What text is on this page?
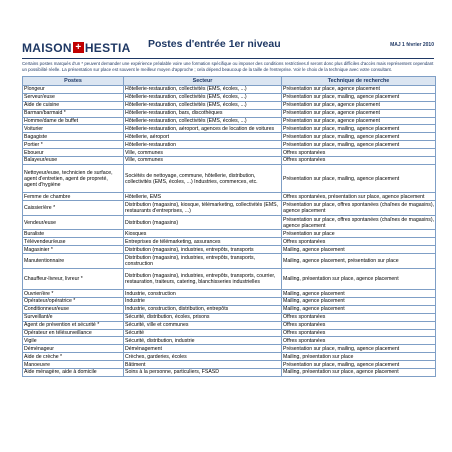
MAISON + HESTIA Postes d'entrée 1er niveau	MAJ 1 février 2010
Certains postes marqués d'un * peuvent demander une expérience préalable voire une formation spécifique ou imposer des conditions restrictives.Il seront donc plus difficiles d'accès mais représentent cependant un possibilité réelle. La présentation sur place est souvent le meilleur moyen d'approche ; cela dépend beaucoup de la taille de l'entreprise. Voir le choix de la technique avec votre consultant.
Postes	Secteur	Technique de recherche
Plongeur	Hôtellerie-restauration, collectivités (EMS, écoles, ...)	Présentation sur place, agence placement
Serveur/euse	Hôtellerie-restauration, collectivités (EMS, écoles, ...)	Présentation sur place, mailing, agence placement
Aide de cuisine	Hôtellerie-restauration, collectivités (EMS, écoles, ...)	Présentation sur place, agence placement
Barman/barmaid *	Hôtellerie-restauration, bars, discothèques	Présentation sur place, agence placement
Homme/dame de buffet	Hôtellerie-restauration, collectivités (EMS, écoles, ...)	Présentation sur place, agence placement
Voiturier	Hôtellerie-restauration, aéroport, agences de location de voitures	Présentation sur place, mailing, agence placement
Bagagiste	Hôtellerie, aéroport	Présentation sur place, mailing, agence placement
Portier *	Hôtellerie-restauration	Présentation sur place, mailing, agence placement
Eboueur	Ville, communes	Offres spontanées
Balayeur/euse	Ville, communes	Offres spontanées
Nettoyeur/euse, technicien de surface, agent d'entretien, agent de propreté, agent d'hygiène	Sociétés de nettoyage, commune, hôtellerie, distribution, collectivités (EMS, écoles, ...) Industries, commerces, etc.	Présentation sur place, mailing, agence placement
Femme de chambre	Hôtellerie, EMS	Offres spontanées, présentation sur place, agence placement
Caissier/ère *	Distribution (magasins), kiosque, télémarketing, collectivités (EMS, restaurants d'entreprises, ...)	Présentation sur place, offres spontanées (chaînes de magasins), agence placement
Vendeur/euse	Distribution (magasins)	Présentation sur place, offres spontanées (chaînes de magasins), agence placement
Buraliste	Kiosques	Présentation sur place
Télévendeur/euse	Entreprises de télémarketing, assurances	Offres spontanées
Magasinier *	Distribution (magasins), industries, entrepôts, transports	Mailing, agence placement
Manutentionnaire	Distribution (magasins), industries, entrepôts, transports, construction	Mailing, agence placement, présentation sur place
Chauffeur-livreur, livreur *	Distribution (magasins), industries, entrepôts, transports, courrier, restauration, traiteurs, catering, blanchisseries industrielles	Mailing, présentation sur place, agence placement
Ouvrier/ère *	Industrie, construction	Mailing, agence placement
Opérateur/opératrice *	Industrie	Mailing, agence placement
Conditionneur/euse	Industrie, construction, distribution, entrepôts	Mailing, agence placement
Surveillant/e	Sécurité, distribution, écoles, prisons	Offres spontanées
Agent de prévention et sécurité *	Sécurité, ville et communes	Offres spontanées
Opérateur en télésurveillance	Sécurité	Offres spontanées
Vigile	Sécurité, distribution, industrie	Offres spontanées
Déménageur	Déménagement	Présentation sur place, mailing, agence placement
Aide de crèche *	Crèches, garderies, écoles	Mailing, présentation sur place
Manoeuvre	Bâtiment	Présentation sur place, mailing, agence placement
Aide ménagère, aide à domicile	Soins à la personne, particuliers, FSASD	Mailing, présentation sur place, agence placement
